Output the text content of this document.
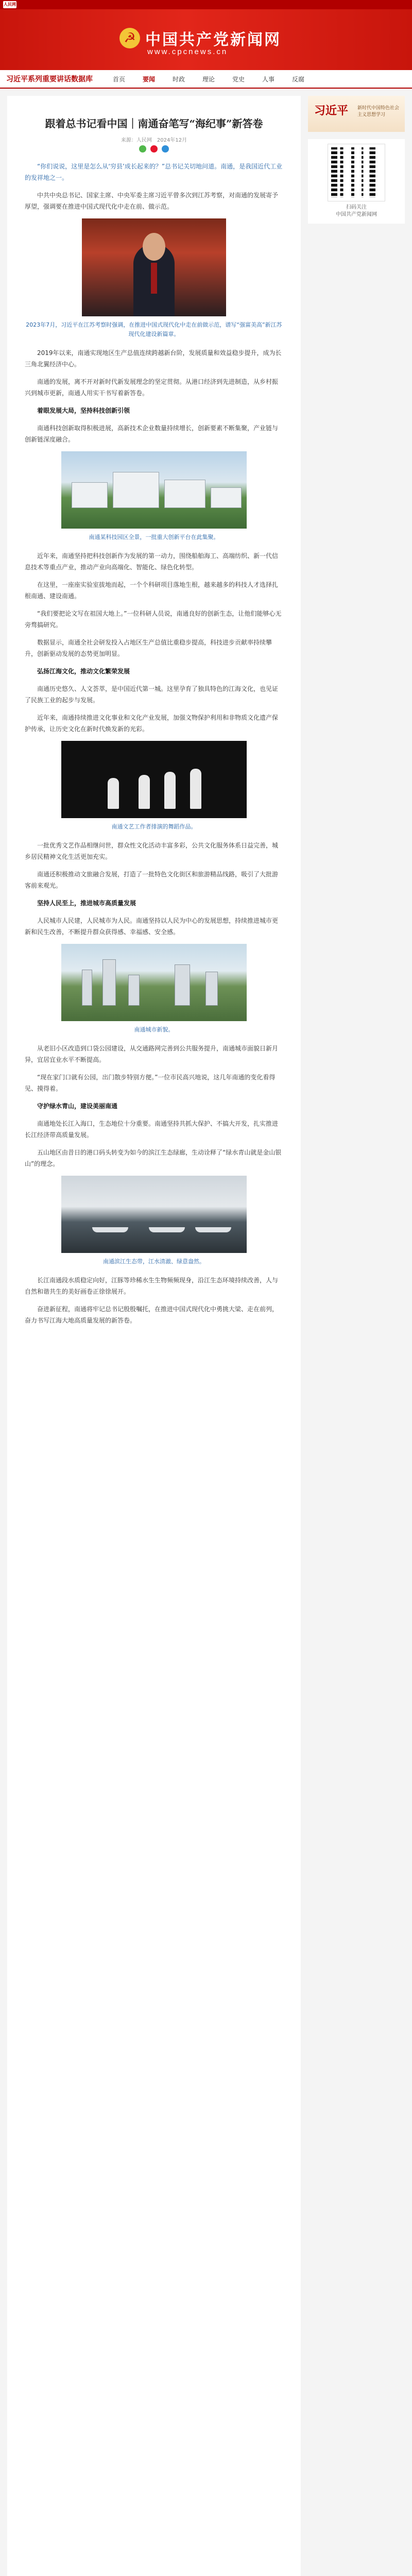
人民网
☭ 中国共产党新闻网
www.cpcnews.cn
习近平系列重要讲话数据库	首页	要闻	时政	理论	党史	人事	反腐
跟着总书记看中国｜南通奋笔写“海纪事”新答卷
来源：人民网　2024年12月

“你们说说，这里是怎么从‘穷县’成长起来的？”总书记关切地问道。南通，是我国近代工业的发祥地之一。

中共中央总书记、国家主席、中央军委主席习近平曾多次到江苏考察，对南通的发展寄予厚望，强调要在推进中国式现代化中走在前、做示范。

2023年7月，习近平在江苏考察时强调，在推进中国式现代化中走在前做示范，谱写“强富美高”新江苏现代化建设新篇章。

2019年以来，南通实现地区生产总值连续跨越新台阶，发展质量和效益稳步提升，成为长三角北翼经济中心。

南通的发展，离不开对新时代新发展理念的坚定贯彻。从港口经济到先进制造，从乡村振兴到城市更新，南通人用实干书写着新答卷。

着眼发展大局，坚持科技创新引领

南通科技创新取得积极进展，高新技术企业数量持续增长，创新要素不断集聚，产业链与创新链深度融合。

南通某科技园区全景，一批重大创新平台在此集聚。

近年来，南通坚持把科技创新作为发展的第一动力，围绕船舶海工、高端纺织、新一代信息技术等重点产业，推动产业向高端化、智能化、绿色化转型。

在这里，一座座实验室拔地而起，一个个科研项目落地生根，越来越多的科技人才选择扎根南通、建设南通。

“我们要把论文写在祖国大地上。”一位科研人员说，南通良好的创新生态，让他们能够心无旁骛搞研究。

数据显示，南通全社会研发投入占地区生产总值比重稳步提高，科技进步贡献率持续攀升，创新驱动发展的态势更加明显。

弘扬江海文化，推动文化繁荣发展

南通历史悠久、人文荟萃，是中国近代第一城。这里孕育了独具特色的江海文化，也见证了民族工业的起步与发展。

近年来，南通持续推进文化事业和文化产业发展，加强文物保护利用和非物质文化遗产保护传承，让历史文化在新时代焕发新的光彩。

南通文艺工作者排演的舞蹈作品。

一批优秀文艺作品相继问世，群众性文化活动丰富多彩，公共文化服务体系日益完善，城乡居民精神文化生活更加充实。

南通还积极推动文旅融合发展，打造了一批特色文化街区和旅游精品线路，吸引了大批游客前来观光。

坚持人民至上，推进城市高质量发展

人民城市人民建，人民城市为人民。南通坚持以人民为中心的发展思想，持续推进城市更新和民生改善，不断提升群众获得感、幸福感、安全感。

南通城市新貌。

从老旧小区改造到口袋公园建设，从交通路网完善到公共服务提升，南通城市面貌日新月异，宜居宜业水平不断提高。

“现在家门口就有公园，出门散步特别方便。”一位市民高兴地说，这几年南通的变化看得见、摸得着。

守护绿水青山，建设美丽南通

南通地处长江入海口，生态地位十分重要。南通坚持共抓大保护、不搞大开发，扎实推进长江经济带高质量发展。

五山地区由昔日的港口码头转变为如今的滨江生态绿廊，生动诠释了“绿水青山就是金山银山”的理念。

南通滨江生态带，江水清澈、绿意盎然。

长江南通段水质稳定向好，江豚等珍稀水生生物频频现身，沿江生态环境持续改善，人与自然和谐共生的美好画卷正徐徐展开。

奋进新征程，南通将牢记总书记殷殷嘱托，在推进中国式现代化中勇挑大梁、走在前列，奋力书写江海大地高质量发展的新答卷。

习近平 新时代中国特色社会主义思想学习
扫码关注
中国共产党新闻网
